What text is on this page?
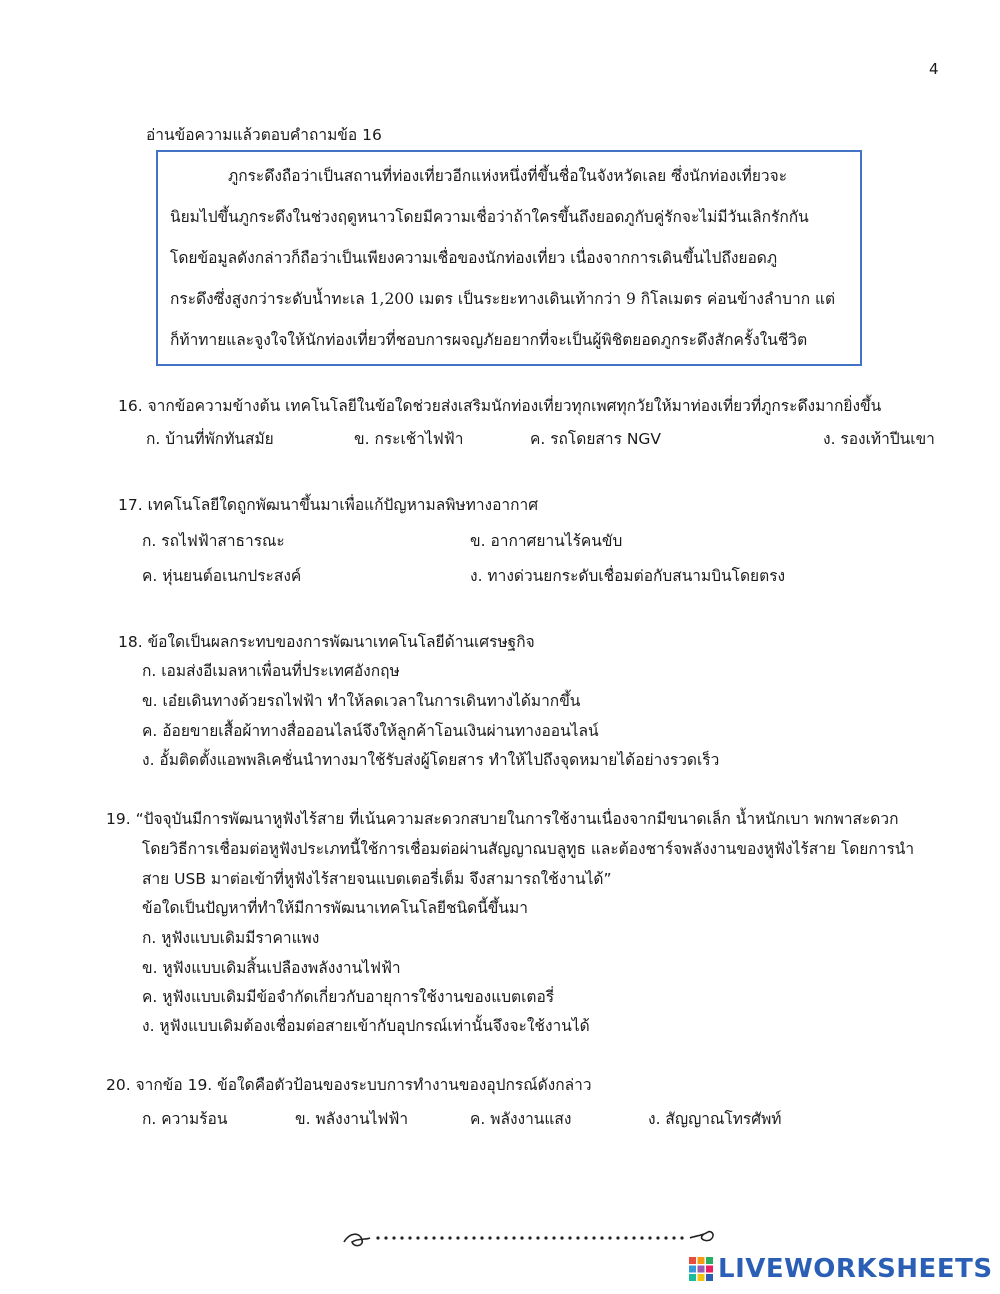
4
อ่านข้อความแล้วตอบคำถามข้อ 16
ภูกระดึงถือว่าเป็นสถานที่ท่องเที่ยวอีกแห่งหนึ่งที่ขึ้นชื่อในจังหวัดเลย ซึ่งนักท่องเที่ยวจะ
นิยมไปขึ้นภูกระดึงในช่วงฤดูหนาวโดยมีความเชื่อว่าถ้าใครขึ้นถึงยอดภูกับคู่รักจะไม่มีวันเลิกรักกัน
โดยข้อมูลดังกล่าวก็ถือว่าเป็นเพียงความเชื่อของนักท่องเที่ยว เนื่องจากการเดินขึ้นไปถึงยอดภู
กระดึงซึ่งสูงกว่าระดับน้ำทะเล 1,200 เมตร เป็นระยะทางเดินเท้ากว่า 9 กิโลเมตร ค่อนข้างลำบาก แต่
ก็ท้าทายและจูงใจให้นักท่องเที่ยวที่ชอบการผจญภัยอยากที่จะเป็นผู้พิชิตยอดภูกระดึงสักครั้งในชีวิต
16. จากข้อความข้างต้น เทคโนโลยีในข้อใดช่วยส่งเสริมนักท่องเที่ยวทุกเพศทุกวัยให้มาท่องเที่ยวที่ภูกระดึงมากยิ่งขึ้น
ก. บ้านที่พักทันสมัย	ข. กระเช้าไฟฟ้า	ค. รถโดยสาร NGV	ง. รองเท้าปีนเขา
17. เทคโนโลยีใดถูกพัฒนาขึ้นมาเพื่อแก้ปัญหามลพิษทางอากาศ
ก. รถไฟฟ้าสาธารณะ	ข. อากาศยานไร้คนขับ
ค. หุ่นยนต์อเนกประสงค์	ง. ทางด่วนยกระดับเชื่อมต่อกับสนามบินโดยตรง
18. ข้อใดเป็นผลกระทบของการพัฒนาเทคโนโลยีด้านเศรษฐกิจ
ก. เอมส่งอีเมลหาเพื่อนที่ประเทศอังกฤษ
ข. เอ๋ยเดินทางด้วยรถไฟฟ้า ทำให้ลดเวลาในการเดินทางได้มากขึ้น
ค. อ้อยขายเสื้อผ้าทางสื่อออนไลน์จึงให้ลูกค้าโอนเงินผ่านทางออนไลน์
ง. อั้มติดตั้งแอพพลิเคชั่นนำทางมาใช้รับส่งผู้โดยสาร ทำให้ไปถึงจุดหมายได้อย่างรวดเร็ว
19. “ปัจจุบันมีการพัฒนาหูฟังไร้สาย ที่เน้นความสะดวกสบายในการใช้งานเนื่องจากมีขนาดเล็ก น้ำหนักเบา พกพาสะดวก
โดยวิธีการเชื่อมต่อหูฟังประเภทนี้ใช้การเชื่อมต่อผ่านสัญญาณบลูทูธ และต้องชาร์จพลังงานของหูฟังไร้สาย โดยการนำ
สาย USB มาต่อเข้าที่หูฟังไร้สายจนแบตเตอรี่เต็ม จึงสามารถใช้งานได้”
ข้อใดเป็นปัญหาที่ทำให้มีการพัฒนาเทคโนโลยีชนิดนี้ขึ้นมา
ก. หูฟังแบบเดิมมีราคาแพง
ข. หูฟังแบบเดิมสิ้นเปลืองพลังงานไฟฟ้า
ค. หูฟังแบบเดิมมีข้อจำกัดเกี่ยวกับอายุการใช้งานของแบตเตอรี่
ง. หูฟังแบบเดิมต้องเชื่อมต่อสายเข้ากับอุปกรณ์เท่านั้นจึงจะใช้งานได้
20. จากข้อ 19. ข้อใดคือตัวป้อนของระบบการทำงานของอุปกรณ์ดังกล่าว
ก. ความร้อน	ข. พลังงานไฟฟ้า	ค. พลังงานแสง	ง. สัญญาณโทรศัพท์
LIVEWORKSHEETS
